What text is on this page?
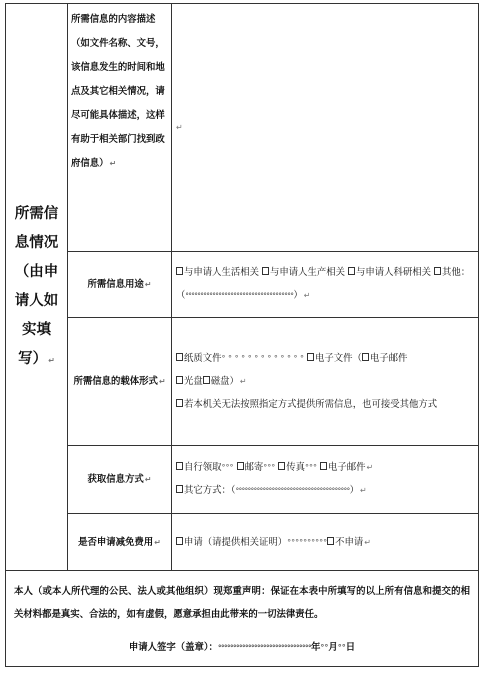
所需信息情况（由申请人如实填写）↵	所需信息的内容描述（如文件名称、文号，该信息发生的时间和地点及其它相关情况，请尽可能具体描述，这样有助于相关部门找到政府信息）↵	↵
	所需信息用途↵	与申请人生活相关 与申请人生产相关 与申请人科研相关 其他：（°°°°°°°°°°°°°°°°°°°°°°°°°°°°°°°°°°°°）↵
	所需信息的载体形式↵	纸质文件° ° ° ° ° ° ° ° ° ° ° ° ° 电子文件（ 电子邮件
光盘 磁盘）↵
若本机关无法按照指定方式提供所需信息，也可接受其他方式

	获取信息方式↵	自行领取°°° 邮寄°°° 传真°°° 电子邮件↵
其它方式：（°°°°°°°°°°°°°°°°°°°°°°°°°°°°°°°°°°°°°°）↵

	是否申请减免费用↵	申请（请提供相关证明）°°°°°°°°°° 不申请↵

本人（或本人所代理的公民、法人或其他组织）现郑重声明：保证在本表中所填写的以上所有信息和提交的相关材料都是真实、合法的，如有虚假，愿意承担由此带来的一切法律责任。
申请人签字（盖章）：°°°°°°°°°°°°°°°°°°°°°°°°°°°°°°°年°°月°°日		
